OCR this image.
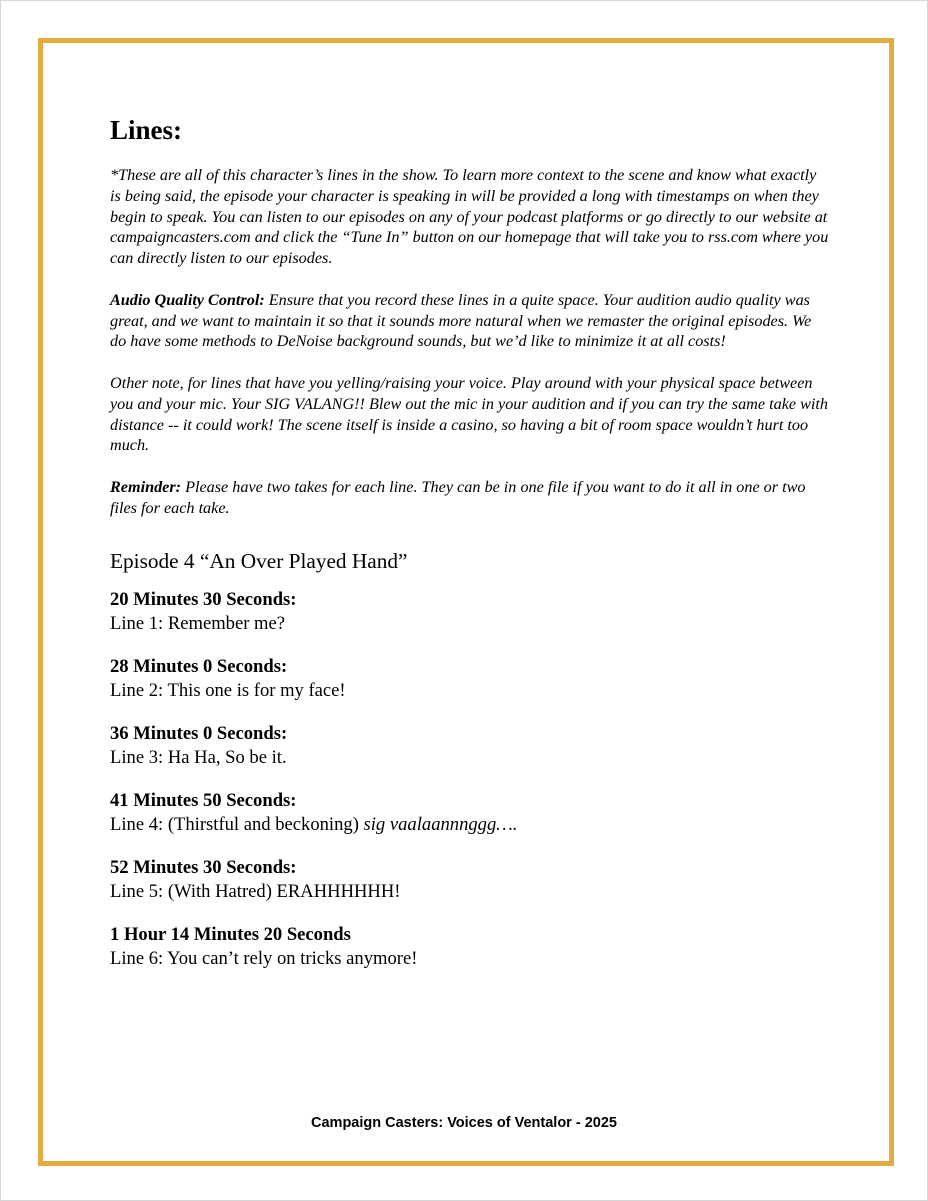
Lines:

*These are all of this character’s lines in the show. To learn more context to the scene and know what exactly is being said, the episode your character is speaking in will be provided a long with timestamps on when they begin to speak. You can listen to our episodes on any of your podcast platforms or go directly to our website at campaigncasters.com and click the “Tune In” button on our homepage that will take you to rss.com where you can directly listen to our episodes.

Audio Quality Control: Ensure that you record these lines in a quite space. Your audition audio quality was great, and we want to maintain it so that it sounds more natural when we remaster the original episodes. We do have some methods to DeNoise background sounds, but we’d like to minimize it at all costs!

Other note, for lines that have you yelling/raising your voice. Play around with your physical space between you and your mic. Your SIG VALANG!! Blew out the mic in your audition and if you can try the same take with distance -- it could work! The scene itself is inside a casino, so having a bit of room space wouldn’t hurt too much.

Reminder: Please have two takes for each line. They can be in one file if you want to do it all in one or two files for each take.

Episode 4 “An Over Played Hand”
20 Minutes 30 Seconds:
Line 1: Remember me?
28 Minutes 0 Seconds:
Line 2: This one is for my face!
36 Minutes 0 Seconds:
Line 3: Ha Ha, So be it.
41 Minutes 50 Seconds:
Line 4: (Thirstful and beckoning) sig vaalaannnggg….
52 Minutes 30 Seconds:
Line 5: (With Hatred) ERAHHHHHH!
1 Hour 14 Minutes 20 Seconds
Line 6: You can’t rely on tricks anymore!
Campaign Casters: Voices of Ventalor - 2025
